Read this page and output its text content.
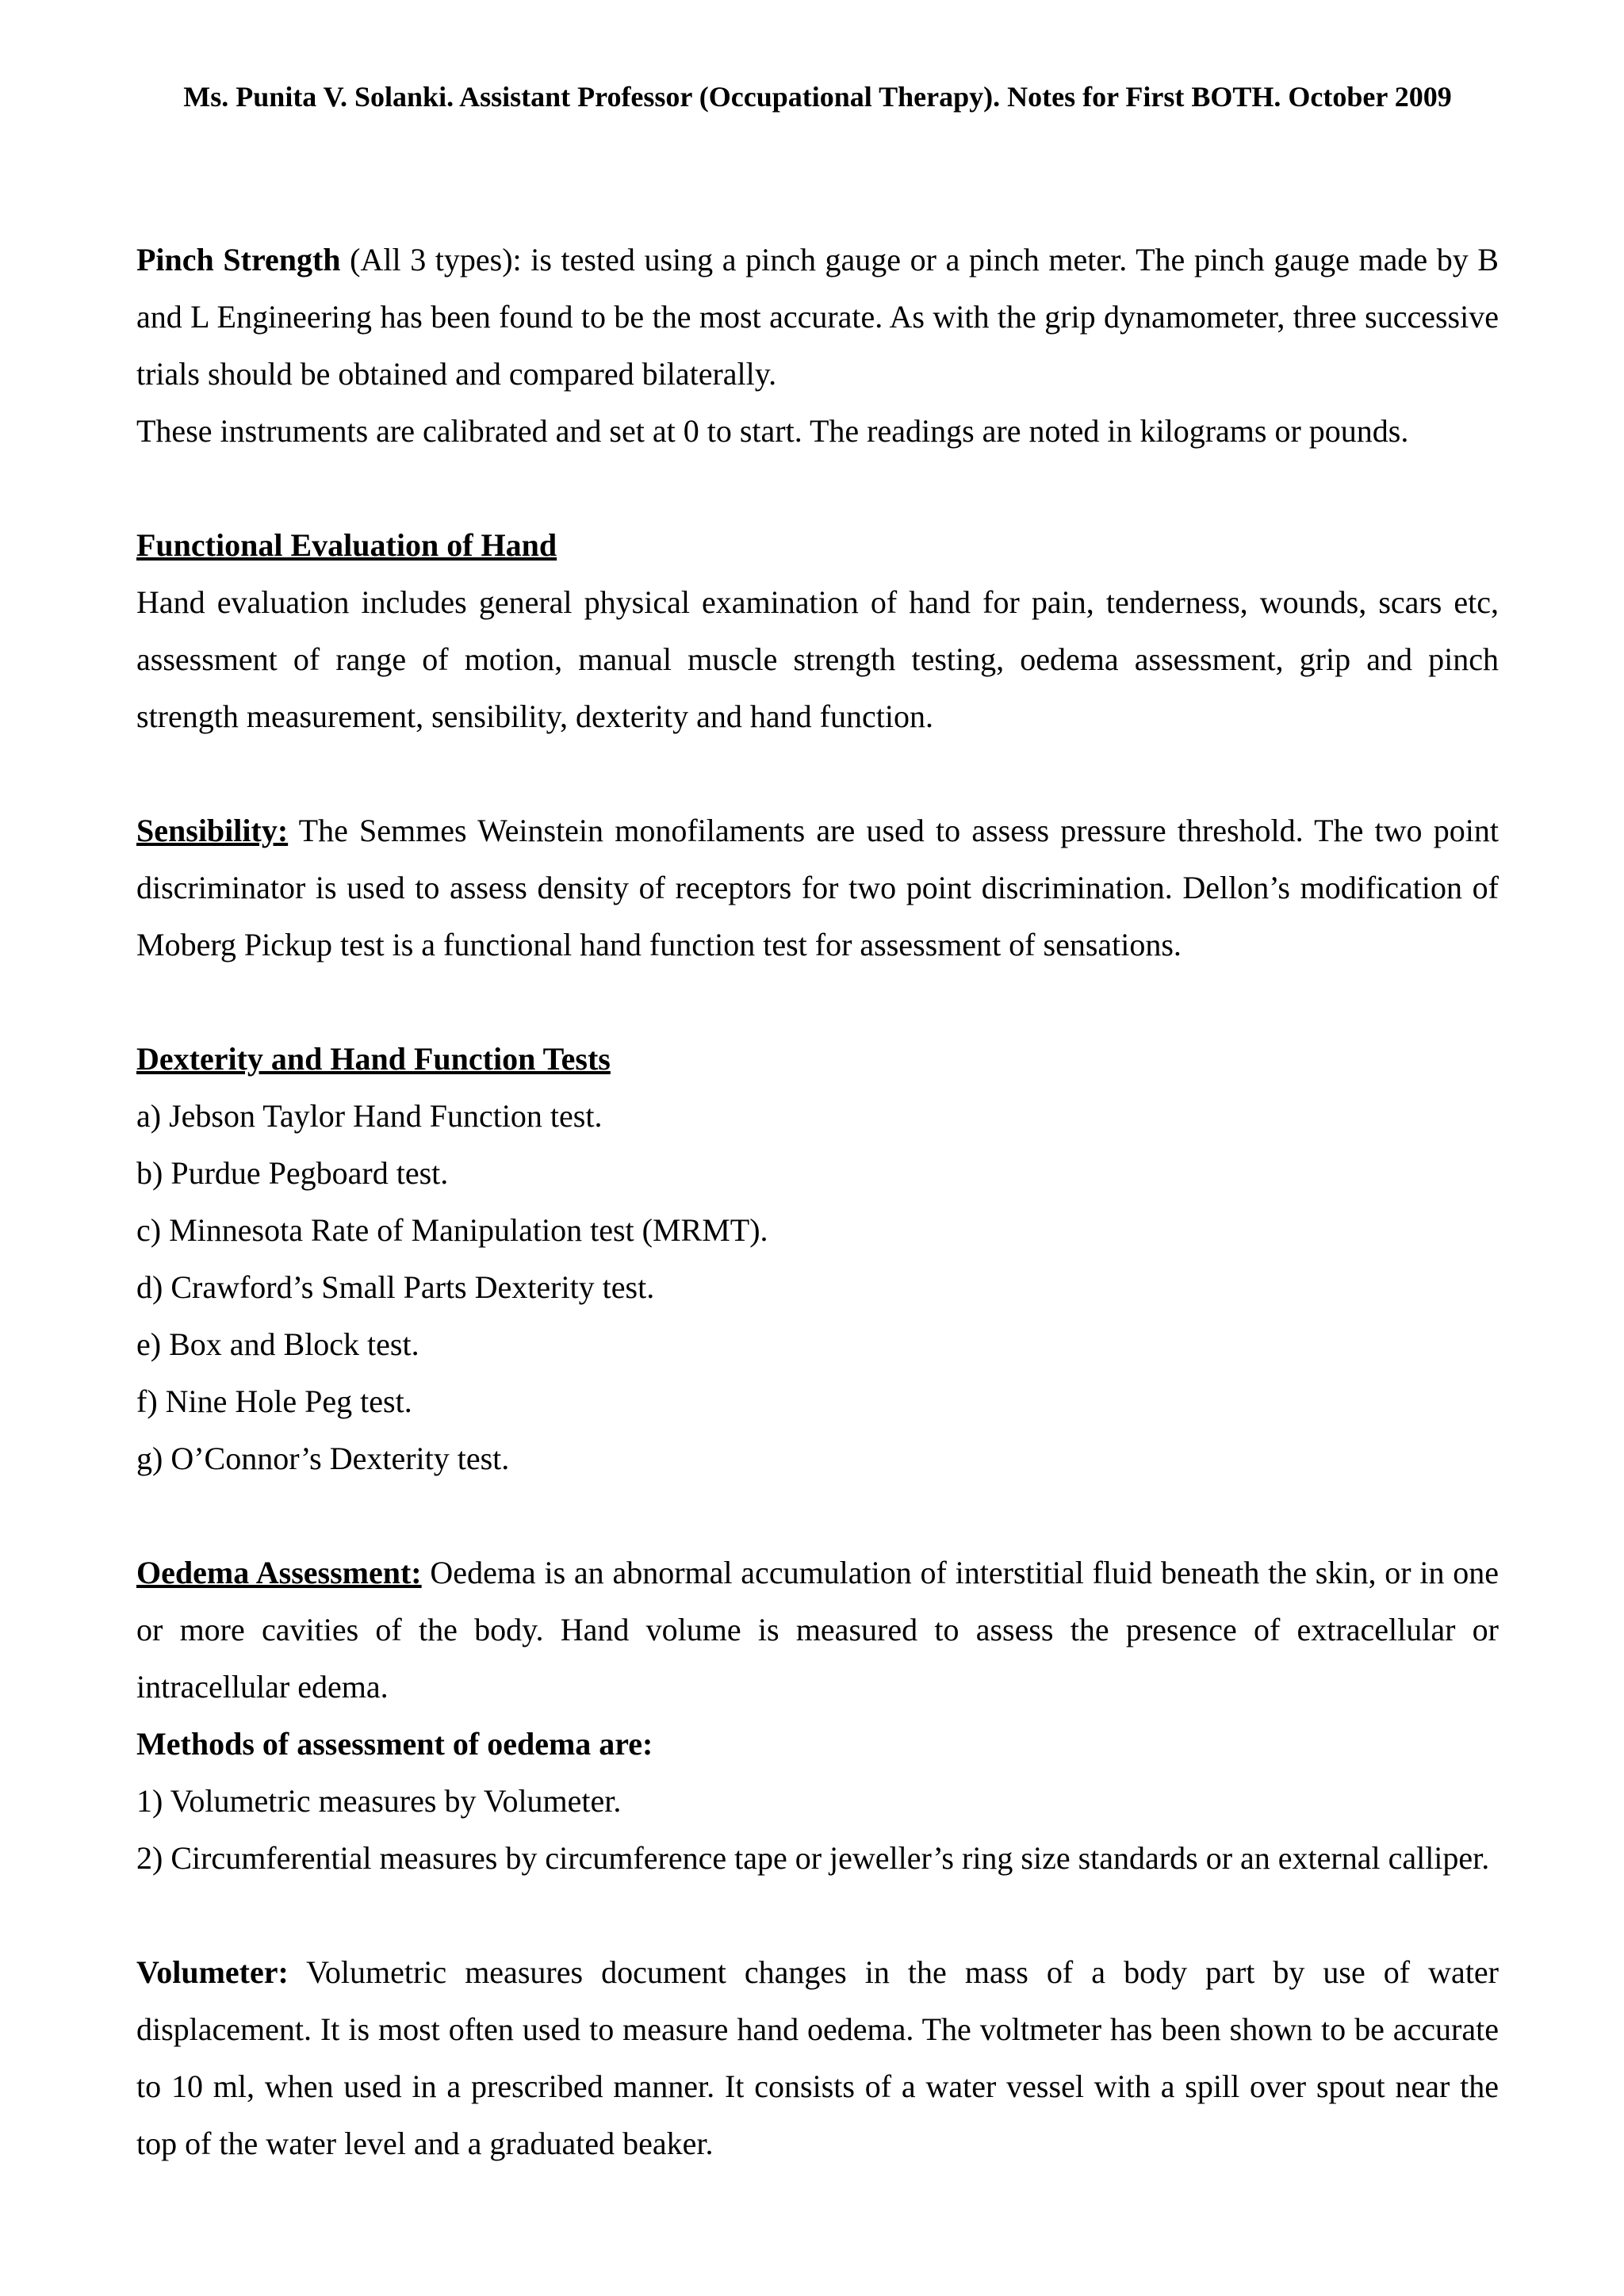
Ms. Punita V. Solanki. Assistant Professor (Occupational Therapy). Notes for First BOTH. October 2009

Pinch Strength (All 3 types): is tested using a pinch gauge or a pinch meter. The pinch gauge made by B and L Engineering has been found to be the most accurate. As with the grip dynamometer, three successive trials should be obtained and compared bilaterally.

These instruments are calibrated and set at 0 to start. The readings are noted in kilograms or pounds.

Functional Evaluation of Hand

Hand evaluation includes general physical examination of hand for pain, tenderness, wounds, scars etc, assessment of range of motion, manual muscle strength testing, oedema assessment, grip and pinch strength measurement, sensibility, dexterity and hand function.

Sensibility: The Semmes Weinstein monofilaments are used to assess pressure threshold. The two point discriminator is used to assess density of receptors for two point discrimination. Dellon’s modification of Moberg Pickup test is a functional hand function test for assessment of sensations.

Dexterity and Hand Function Tests

a) Jebson Taylor Hand Function test.

b) Purdue Pegboard test.

c) Minnesota Rate of Manipulation test (MRMT).

d) Crawford’s Small Parts Dexterity test.

e) Box and Block test.

f) Nine Hole Peg test.

g) O’Connor’s Dexterity test.

Oedema Assessment: Oedema is an abnormal accumulation of interstitial fluid beneath the skin, or in one or more cavities of the body. Hand volume is measured to assess the presence of extracellular or intracellular edema.

Methods of assessment of oedema are:

1) Volumetric measures by Volumeter.

2) Circumferential measures by circumference tape or jeweller’s ring size standards or an external calliper.

Volumeter: Volumetric measures document changes in the mass of a body part by use of water displacement. It is most often used to measure hand oedema. The voltmeter has been shown to be accurate to 10 ml, when used in a prescribed manner. It consists of a water vessel with a spill over spout near the top of the water level and a graduated beaker.
